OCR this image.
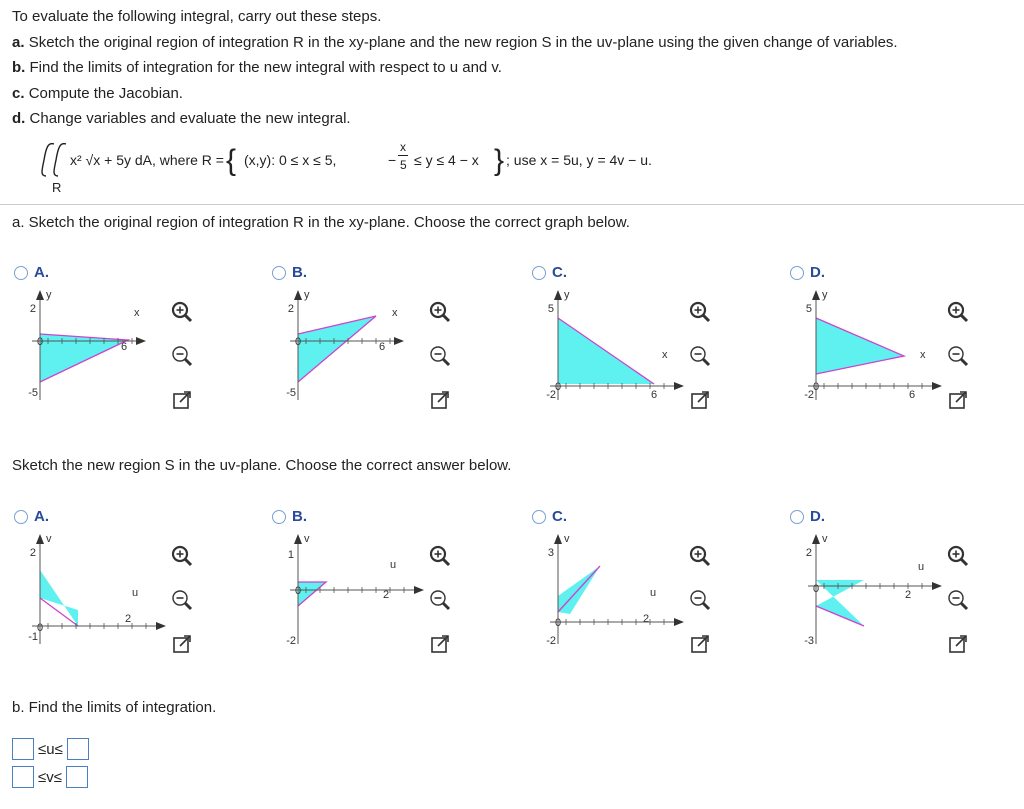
To evaluate the following integral, carry out these steps.
a. Sketch the original region of integration R in the xy-plane and the new region S in the uv-plane using the given change of variables.
b. Find the limits of integration for the new integral with respect to u and v.
c. Compute the Jacobian.
d. Change variables and evaluate the new integral.
x² √x + 5y dA, where R = { (x,y): 0 ≤ x ≤ 5,	−
x
5 ≤ y ≤ 4 − x } ; use x = 5u, y = 4v − u.
R
a. Sketch the original region of integration R in the xy-plane. Choose the correct graph below.
A.
y
2
-5
x
6
0
B.
y
2
-5
x
6
0
C.
y
5
-2
x
6
0
D.
y
5
-2
x
6
0
Sketch the new region S in the uv-plane. Choose the correct answer below.
A.
v
2
-1
u
2
0
B.
v
1
-2
u
2
0
C.
v
3
-2
u
2
0
D.
v
2
-3
u
2
0
b. Find the limits of integration.
≤u≤
≤v≤
